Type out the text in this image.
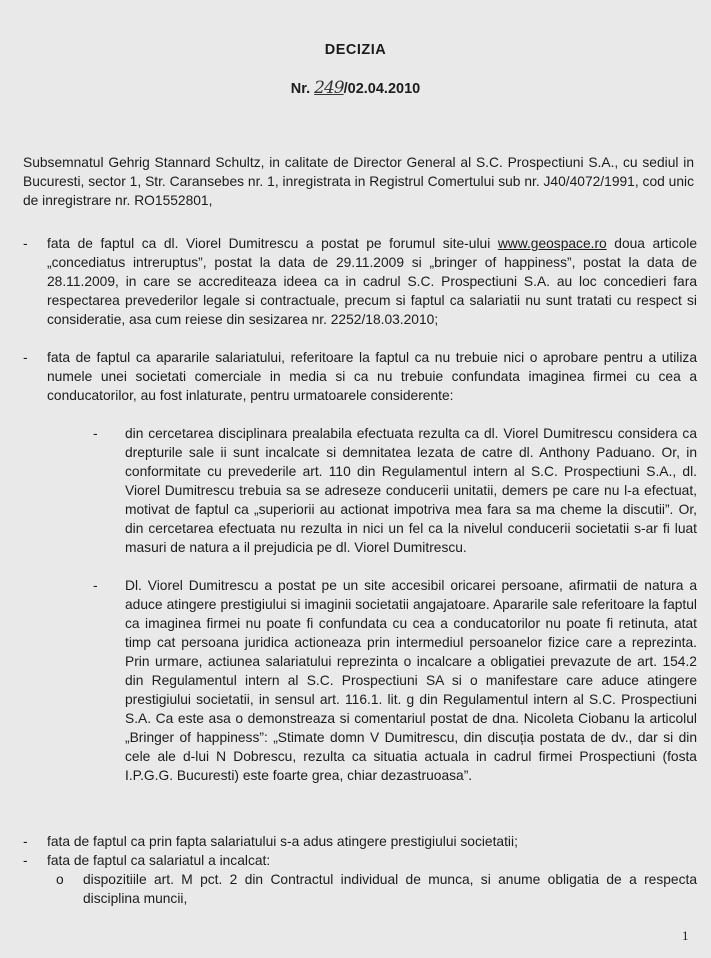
DECIZIA
Nr. 249/02.04.2010
Subsemnatul Gehrig Stannard Schultz, in calitate de Director General al S.C. Prospectiuni S.A., cu sediul in Bucuresti, sector 1, Str. Caransebes nr. 1, inregistrata in Registrul Comertului sub nr. J40/4072/1991, cod unic de inregistrare nr. RO1552801,
- fata de faptul ca dl. Viorel Dumitrescu a postat pe forumul site-ului www.geospace.ro doua articole „concediatus intreruptus”, postat la data de 29.11.2009 si „bringer of happiness”, postat la data de 28.11.2009, in care se accrediteaza ideea ca in cadrul S.C. Prospectiuni S.A. au loc concedieri fara respectarea prevederilor legale si contractuale, precum si faptul ca salariatii nu sunt tratati cu respect si consideratie, asa cum reiese din sesizarea nr. 2252/18.03.2010;
- fata de faptul ca apararile salariatului, referitoare la faptul ca nu trebuie nici o aprobare pentru a utiliza numele unei societati comerciale in media si ca nu trebuie confundata imaginea firmei cu cea a conducatorilor, au fost inlaturate, pentru urmatoarele considerente:
- din cercetarea disciplinara prealabila efectuata rezulta ca dl. Viorel Dumitrescu considera ca drepturile sale ii sunt incalcate si demnitatea lezata de catre dl. Anthony Paduano. Or, in conformitate cu prevederile art. 110 din Regulamentul intern al S.C. Prospectiuni S.A., dl. Viorel Dumitrescu trebuia sa se adreseze conducerii unitatii, demers pe care nu l-a efectuat, motivat de faptul ca „superiorii au actionat impotriva mea fara sa ma cheme la discutii”. Or, din cercetarea efectuata nu rezulta in nici un fel ca la nivelul conducerii societatii s-ar fi luat masuri de natura a il prejudicia pe dl. Viorel Dumitrescu.
- Dl. Viorel Dumitrescu a postat pe un site accesibil oricarei persoane, afirmatii de natura a aduce atingere prestigiului si imaginii societatii angajatoare. Apararile sale referitoare la faptul ca imaginea firmei nu poate fi confundata cu cea a conducatorilor nu poate fi retinuta, atat timp cat persoana juridica actioneaza prin intermediul persoanelor fizice care a reprezinta. Prin urmare, actiunea salariatului reprezinta o incalcare a obligatiei prevazute de art. 154.2 din Regulamentul intern al S.C. Prospectiuni SA si o manifestare care aduce atingere prestigiului societatii, in sensul art. 116.1. lit. g din Regulamentul intern al S.C. Prospectiuni S.A. Ca este asa o demonstreaza si comentariul postat de dna. Nicoleta Ciobanu la articolul „Bringer of happiness”: „Stimate domn V Dumitrescu, din discuția postata de dv., dar si din cele ale d-lui N Dobrescu, rezulta ca situatia actuala in cadrul firmei Prospectiuni (fosta I.P.G.G. Bucuresti) este foarte grea, chiar dezastruoasa”.
- fata de faptul ca prin fapta salariatului s-a adus atingere prestigiului societatii;
- fata de faptul ca salariatul a incalcat:
o dispozitiile art. M pct. 2 din Contractul individual de munca, si anume obligatia de a respecta disciplina muncii,
1
